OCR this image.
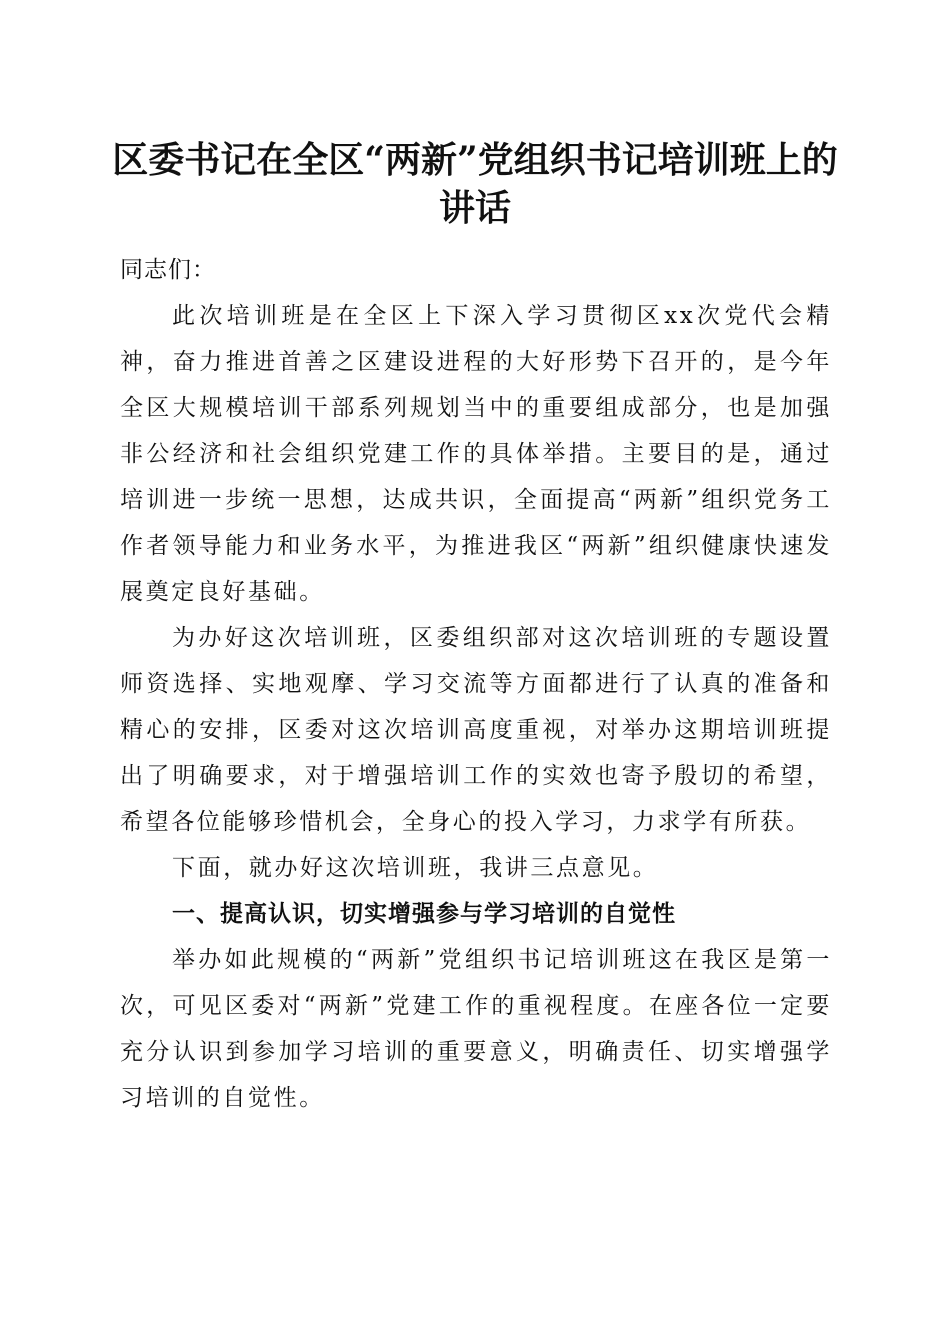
区委书记在全区“两新”党组织书记培训班上的讲话

同志们：

此次培训班是在全区上下深入学习贯彻区xx次党代会精神，奋力推进首善之区建设进程的大好形势下召开的，是今年全区大规模培训干部系列规划当中的重要组成部分，也是加强非公经济和社会组织党建工作的具体举措。主要目的是，通过培训进一步统一思想，达成共识，全面提高“两新”组织党务工作者领导能力和业务水平，为推进我区“两新”组织健康快速发展奠定良好基础。

为办好这次培训班，区委组织部对这次培训班的专题设置师资选择、实地观摩、学习交流等方面都进行了认真的准备和精心的安排，区委对这次培训高度重视，对举办这期培训班提出了明确要求，对于增强培训工作的实效也寄予殷切的希望，希望各位能够珍惜机会，全身心的投入学习，力求学有所获。

下面，就办好这次培训班，我讲三点意见。

一、提高认识，切实增强参与学习培训的自觉性

举办如此规模的“两新”党组织书记培训班这在我区是第一次，可见区委对“两新”党建工作的重视程度。在座各位一定要充分认识到参加学习培训的重要意义，明确责任、切实增强学习培训的自觉性。
